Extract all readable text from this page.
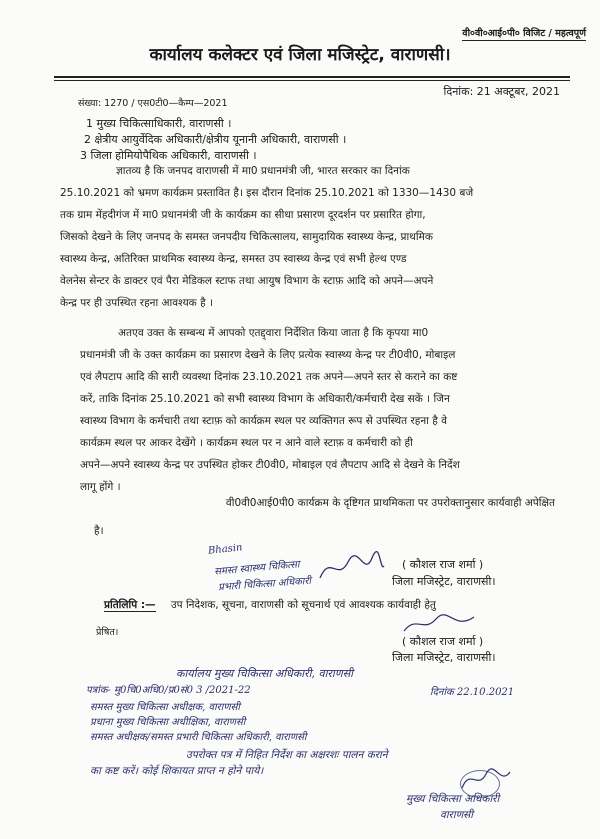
वी०वी०आई०पी० विजिट / महत्वपूर्ण
कार्यालय कलेक्टर एवं जिला मजिस्ट्रेट, वाराणसी।
दिनांक: 21 अक्टूबर, 2021
संख्या: 1270 / एस0टी0—कैम्प—2021
1 मुख्य चिकित्साधिकारी, वाराणसी ।
2 क्षेत्रीय आयुर्वेदिक अधिकारी/क्षेत्रीय यूनानी अधिकारी, वाराणसी ।
3 जिला होमियोपैथिक अधिकारी, वाराणसी ।
ज्ञातव्य है कि जनपद वाराणसी में मा0 प्रधानमंत्री जी, भारत सरकार का दिनांक
25.10.2021 को भ्रमण कार्यक्रम प्रस्तावित है। इस दौरान दिनांक 25.10.2021 को 1330—1430 बजे
तक ग्राम मेंहदीगंज में मा0 प्रधानमंत्री जी के कार्यक्रम का सीधा प्रसारण दूरदर्शन पर प्रसारित होगा,
जिसको देखने के लिए जनपद के समस्त जनपदीय चिकित्सालय, सामुदायिक स्वास्थ्य केन्द्र, प्राथमिक
स्वास्थ्य केन्द्र, अतिरिक्त प्राथमिक स्वास्थ्य केन्द्र, समस्त उप स्वास्थ्य केन्द्र एवं सभी हेल्थ एण्ड
वेलनेस सेन्टर के डाक्टर एवं पैरा मेडिकल स्टाफ तथा आयुष विभाग के स्टाफ़ आदि को अपने—अपने
केन्द्र पर ही उपस्थित रहना आवश्यक है ।
अतएव उक्त के सम्बन्ध में आपको एतद्द्वारा निर्देशित किया जाता है कि कृपया मा0
प्रधानमंत्री जी के उक्त कार्यक्रम का प्रसारण देखने के लिए प्रत्येक स्वास्थ्य केन्द्र पर टी0वी0, मोबाइल
एवं लैपटाप आदि की सारी व्यवस्था दिनांक 23.10.2021 तक अपने—अपने स्तर से कराने का कष्ट
करें, ताकि दिनांक 25.10.2021 को सभी स्वास्थ्य विभाग के अधिकारी/कर्मचारी देख सकें । जिन
स्वास्थ्य विभाग के कर्मचारी तथा स्टाफ़ को कार्यक्रम स्थल पर व्यक्तिगत रूप से उपस्थित रहना है वे
कार्यक्रम स्थल पर आकर देखेंगे । कार्यक्रम स्थल पर न आने वाले स्टाफ़ व कर्मचारी को ही
अपने—अपने स्वास्थ्य केन्द्र पर उपस्थित होकर टी0वी0, मोबाइल एवं लैपटाप आदि से देखने के निर्देश
लागू होंगे ।
वी0वी0आई0पी0 कार्यक्रम के दृष्टिगत प्राथमिकता पर उपरोक्तानुसार कार्यवाही अपेक्षित
है।
Bhasin
समस्त स्वास्थ्य चिकित्सा
प्रभारी चिकित्सा अधिकारी
( कौशल राज शर्मा )
जिला मजिस्ट्रेट, वाराणसी।
प्रतिलिपि :— उप निदेशक, सूचना, वाराणसी को सूचनार्थ एवं आवश्यक कार्यवाही हेतु
प्रेषित।
( कौशल राज शर्मा )
जिला मजिस्ट्रेट, वाराणसी।
कार्यालय मुख्य चिकित्सा अधिकारी, वाराणसी
पत्रांक- मु0चि0अधि0/प्र0सं0 3 /2021-22	दिनांक 22.10.2021
समस्त मुख्य चिकित्सा अधीक्षक, वाराणसी
प्रधाना मुख्य चिकित्सा अधीक्षिका, वाराणसी
समस्त अधीक्षक/समस्त प्रभारी चिकित्सा अधिकारी, वाराणसी
उपरोक्त पत्र में निहित निर्देश का अक्षरशः पालन कराने
का कष्ट करें। कोई शिकायत प्राप्त न होने पाये।
मुख्य चिकित्सा अधिकारी
वाराणसी
